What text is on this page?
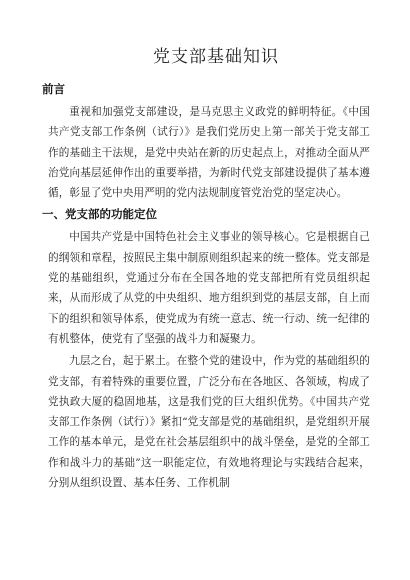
党支部基础知识
前言

重视和加强党支部建设，是马克思主义政党的鲜明特征。《中国共产党支部工作条例（试行）》是我们党历史上第一部关于党支部工作的基础主干法规，是党中央站在新的历史起点上，对推动全面从严治党向基层延伸作出的重要举措，为新时代党支部建设提供了基本遵循，彰显了党中央用严明的党内法规制度管党治党的坚定决心。

一、党支部的功能定位

中国共产党是中国特色社会主义事业的领导核心。它是根据自己的纲领和章程，按照民主集中制原则组织起来的统一整体。党支部是党的基础组织，党通过分布在全国各地的党支部把所有党员组织起来，从而形成了从党的中央组织、地方组织到党的基层支部，自上而下的组织和领导体系，使党成为有统一意志、统一行动、统一纪律的有机整体，使党有了坚强的战斗力和凝聚力。

九层之台，起于累土。在整个党的建设中，作为党的基础组织的党支部，有着特殊的重要位置，广泛分布在各地区、各领域，构成了党执政大厦的稳固地基，这是我们党的巨大组织优势。《中国共产党支部工作条例（试行）》紧扣“党支部是党的基础组织，是党组织开展工作的基本单元，是党在社会基层组织中的战斗堡垒，是党的全部工作和战斗力的基础”这一职能定位，有效地将理论与实践结合起来，分别从组织设置、基本任务、工作机制
